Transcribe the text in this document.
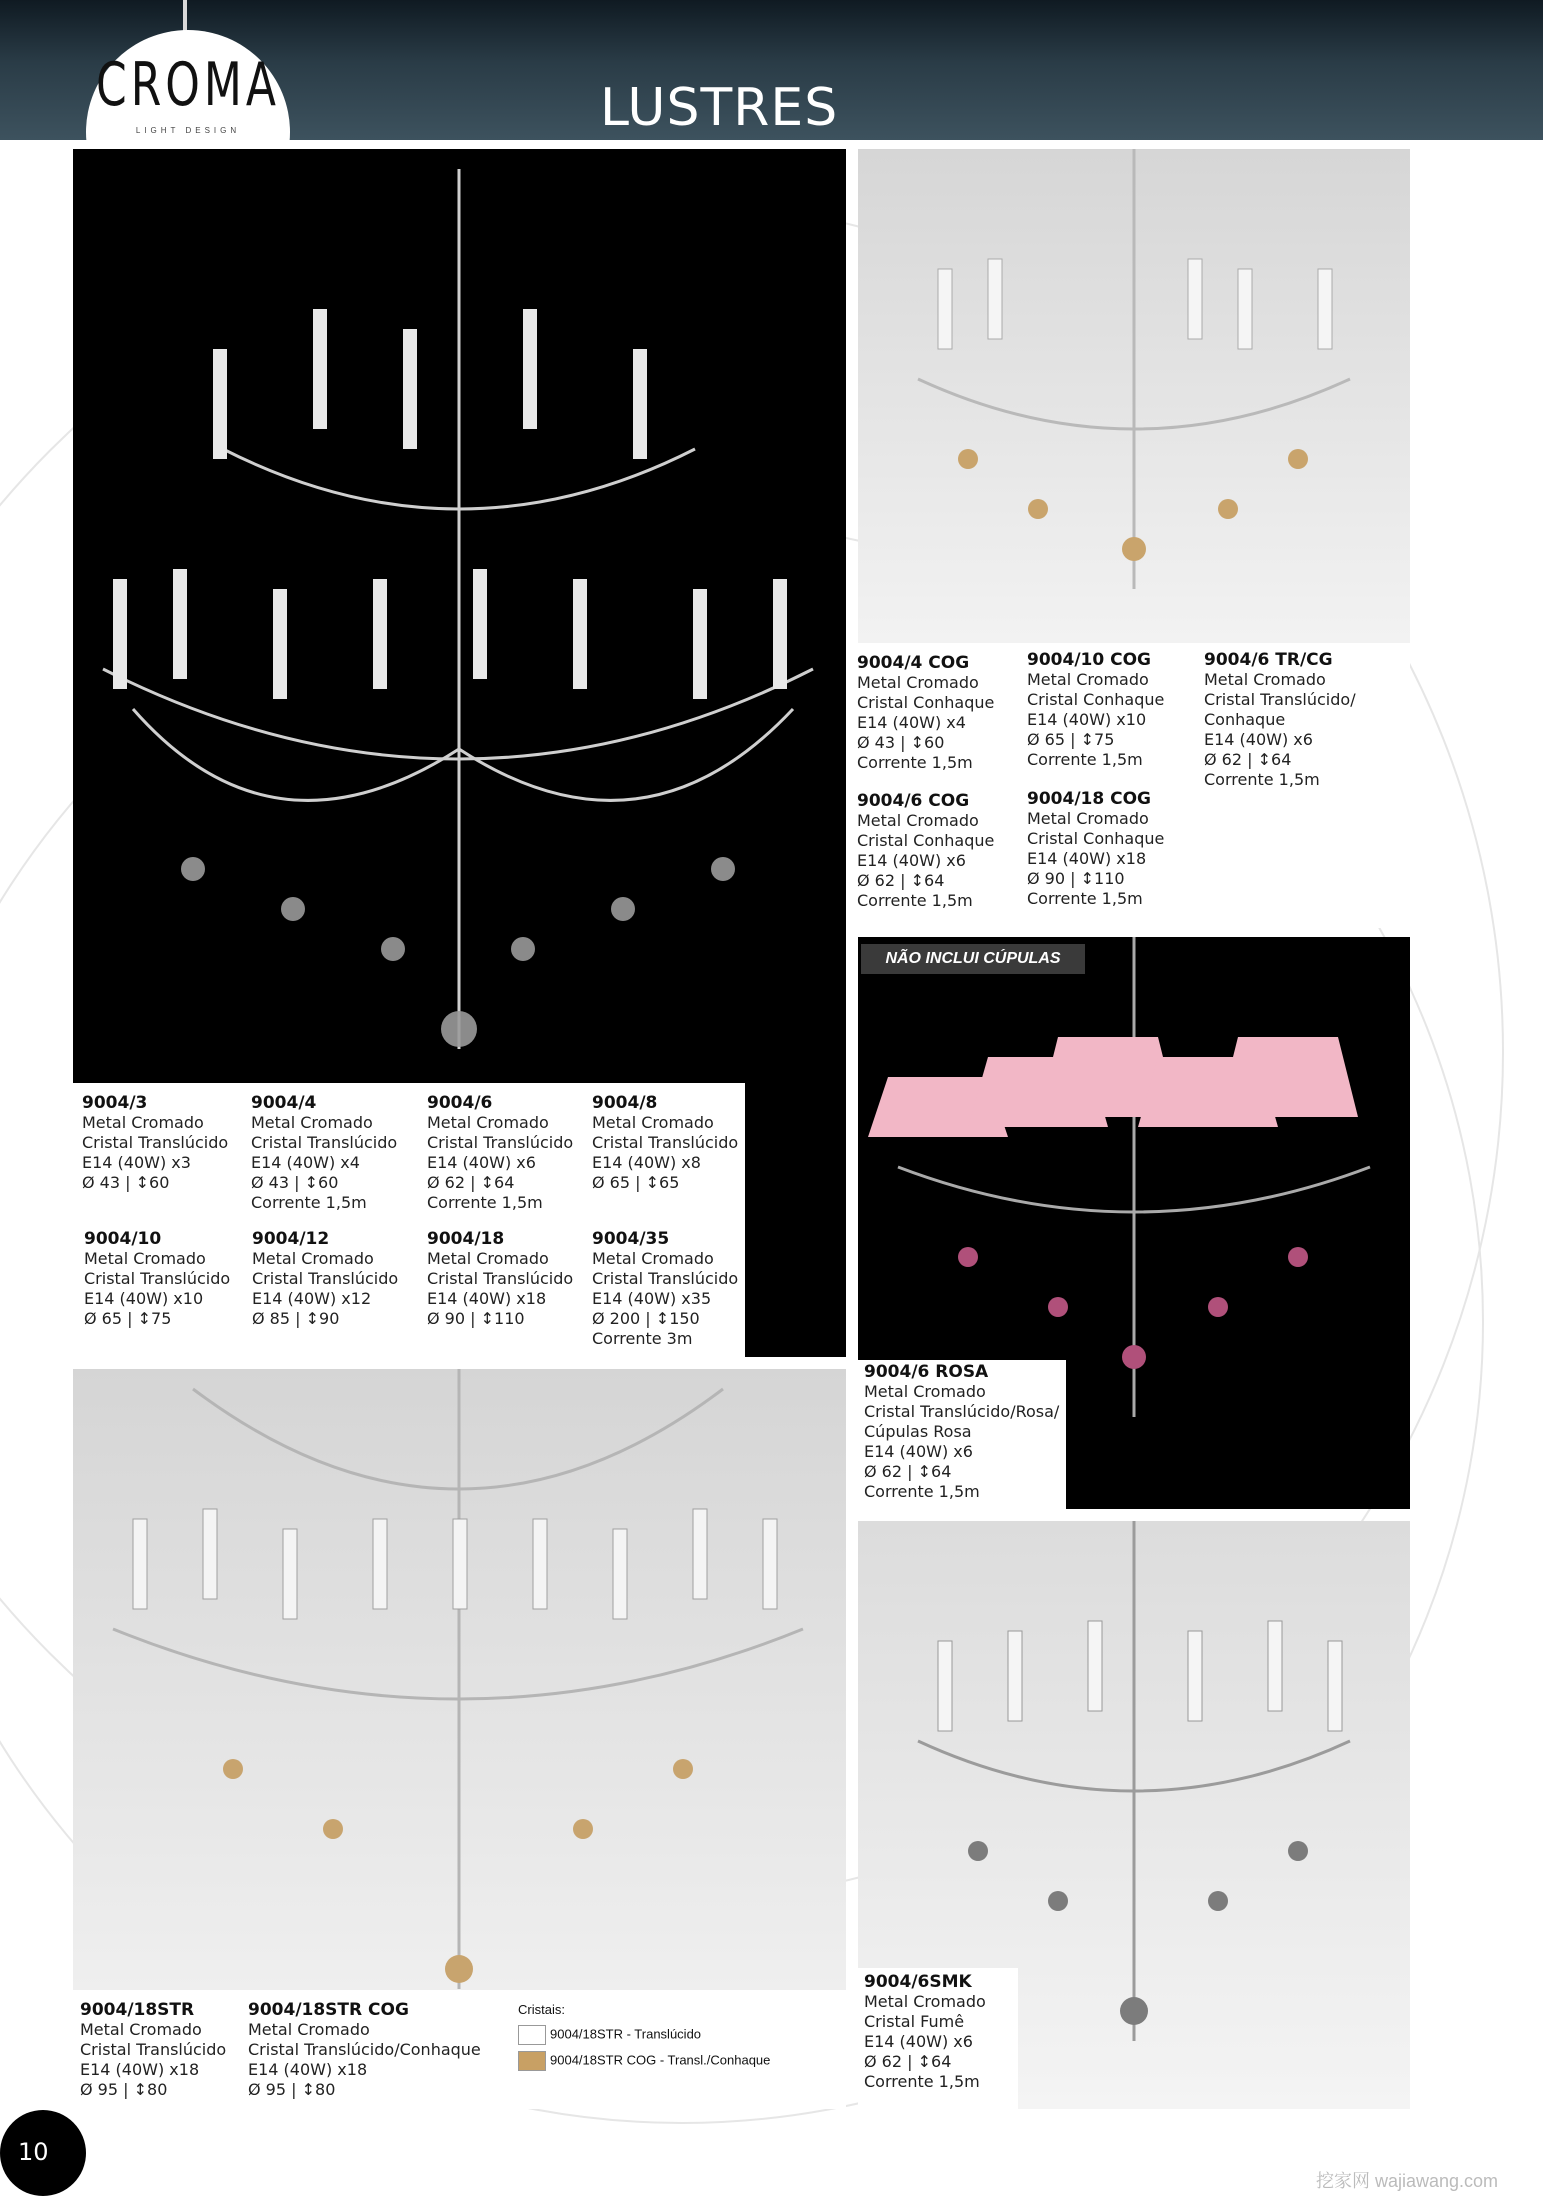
CROMA
LIGHT DESIGN	LUSTRES
9004/3
Metal Cromado
Cristal Translúcido
E14 (40W) x3
Ø 43 | ↕60
9004/4
Metal Cromado
Cristal Translúcido
E14 (40W) x4
Ø 43 | ↕60
Corrente 1,5m
9004/6
Metal Cromado
Cristal Translúcido
E14 (40W) x6
Ø 62 | ↕64
Corrente 1,5m
9004/8
Metal Cromado
Cristal Translúcido
E14 (40W) x8
Ø 65 | ↕65
9004/10
Metal Cromado
Cristal Translúcido
E14 (40W) x10
Ø 65 | ↕75
9004/12
Metal Cromado
Cristal Translúcido
E14 (40W) x12
Ø 85 | ↕90
9004/18
Metal Cromado
Cristal Translúcido
E14 (40W) x18
Ø 90 | ↕110
9004/35
Metal Cromado
Cristal Translúcido
E14 (40W) x35
Ø 200 | ↕150
Corrente 3m
9004/4 COG
Metal Cromado
Cristal Conhaque
E14 (40W) x4
Ø 43 | ↕60
Corrente 1,5m
9004/10 COG
Metal Cromado
Cristal Conhaque
E14 (40W) x10
Ø 65 | ↕75
Corrente 1,5m
9004/6 TR/CG
Metal Cromado
Cristal Translúcido/
Conhaque
E14 (40W) x6
Ø 62 | ↕64
Corrente 1,5m
9004/6 COG
Metal Cromado
Cristal Conhaque
E14 (40W) x6
Ø 62 | ↕64
Corrente 1,5m
9004/18 COG
Metal Cromado
Cristal Conhaque
E14 (40W) x18
Ø 90 | ↕110
Corrente 1,5m
NÃO INCLUI CÚPULAS
9004/6 ROSA
Metal Cromado
Cristal Translúcido/Rosa/
Cúpulas Rosa
E14 (40W) x6
Ø 62 | ↕64
Corrente 1,5m
9004/18STR
Metal Cromado
Cristal Translúcido
E14 (40W) x18
Ø 95 | ↕80
9004/18STR COG
Metal Cromado
Cristal Translúcido/Conhaque
E14 (40W) x18
Ø 95 | ↕80
Cristais:
9004/18STR - Translúcido
9004/18STR COG - Transl./Conhaque
9004/6SMK
Metal Cromado
Cristal Fumê
E14 (40W) x6
Ø 62 | ↕64
Corrente 1,5m
10
挖家网 wajiawang.com
